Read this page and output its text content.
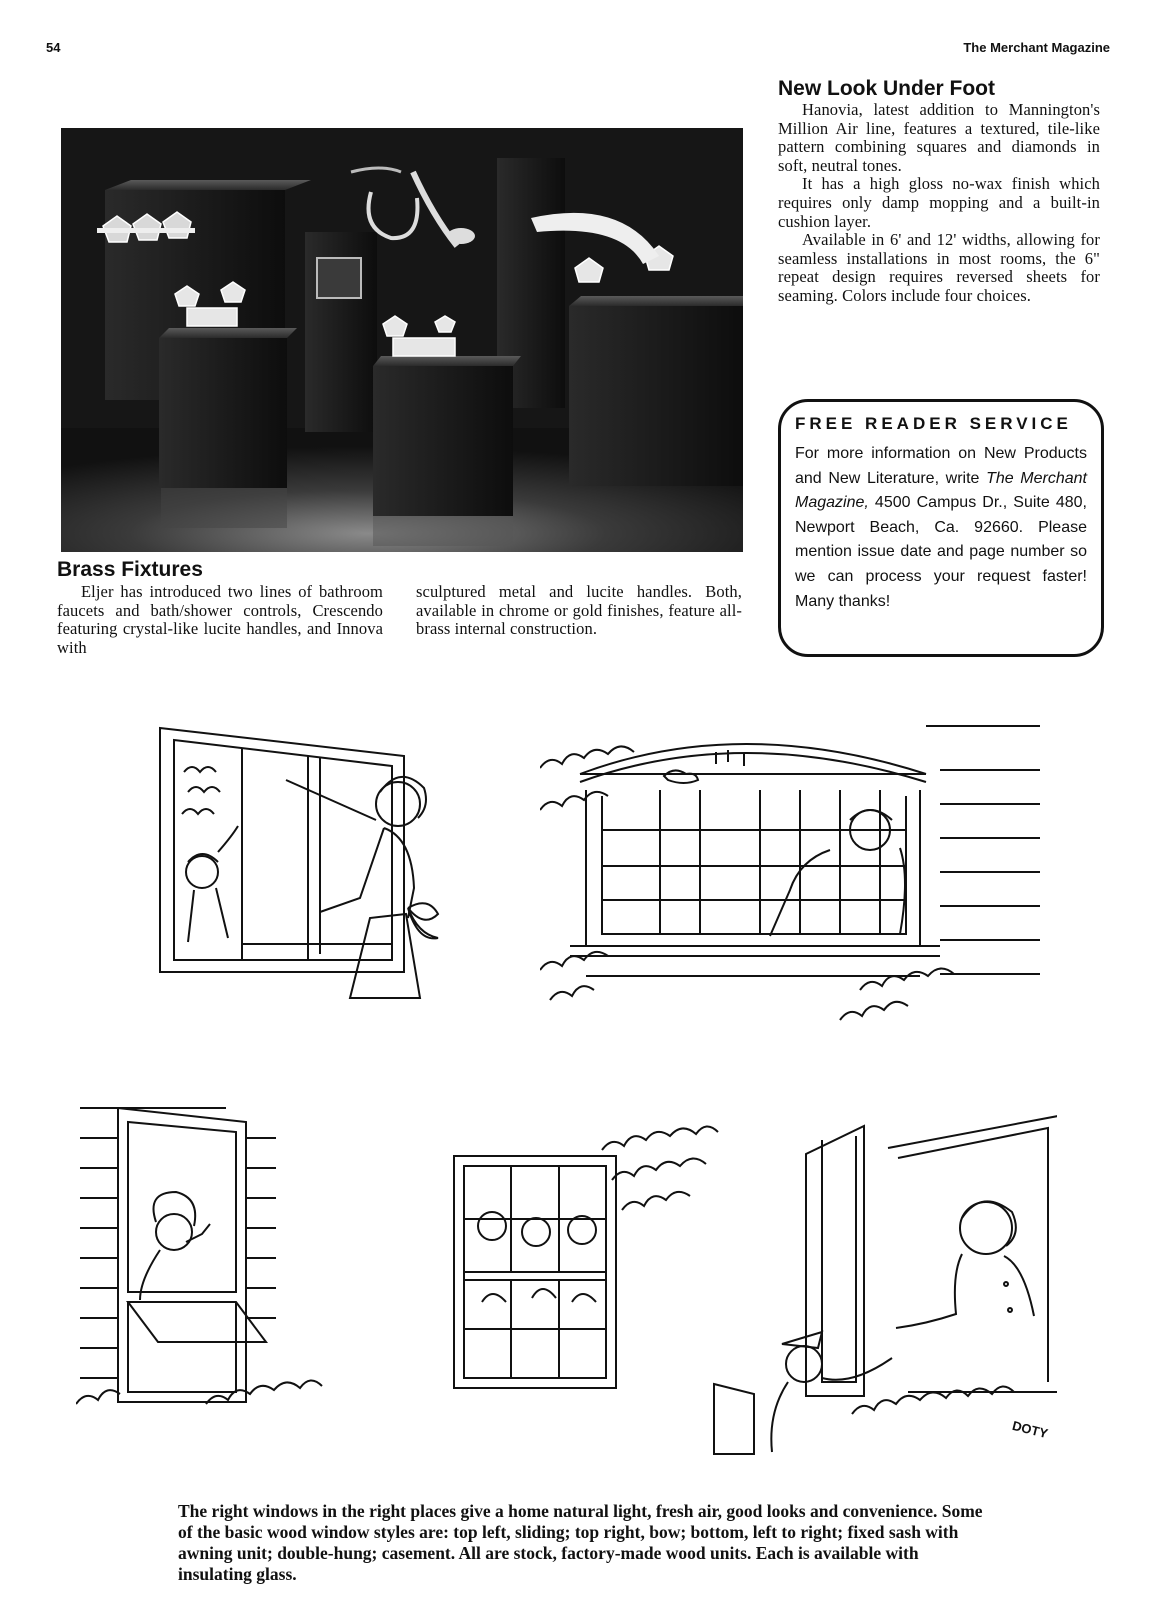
54	The Merchant Magazine
New Look Under Foot

Hanovia, latest addition to Mannington's Million Air line, features a textured, tile-like pattern combining squares and diamonds in soft, neutral tones.

It has a high gloss no-wax finish which requires only damp mopping and a built-in cushion layer.

Available in 6' and 12' widths, allowing for seamless installations in most rooms, the 6" repeat design requires reversed sheets for seaming. Colors include four choices.

Brass Fixtures

Eljer has introduced two lines of bathroom faucets and bath/shower controls, Crescendo featuring crystal-like lucite handles, and Innova with

sculptured metal and lucite handles. Both, available in chrome or gold finishes, feature all-brass internal construction.

FREE READER SERVICE

For more information on New Products and New Literature, write The Merchant Magazine, 4500 Campus Dr., Suite 480, Newport Beach, Ca. 92660. Please mention issue date and page number so we can process your request faster! Many thanks!

DOTY

The right windows in the right places give a home natural light, fresh air, good looks and convenience. Some of the basic wood window styles are: top left, sliding; top right, bow; bottom, left to right; fixed sash with awning unit; double-hung; casement. All are stock, factory-made wood units. Each is available with insulating glass.
